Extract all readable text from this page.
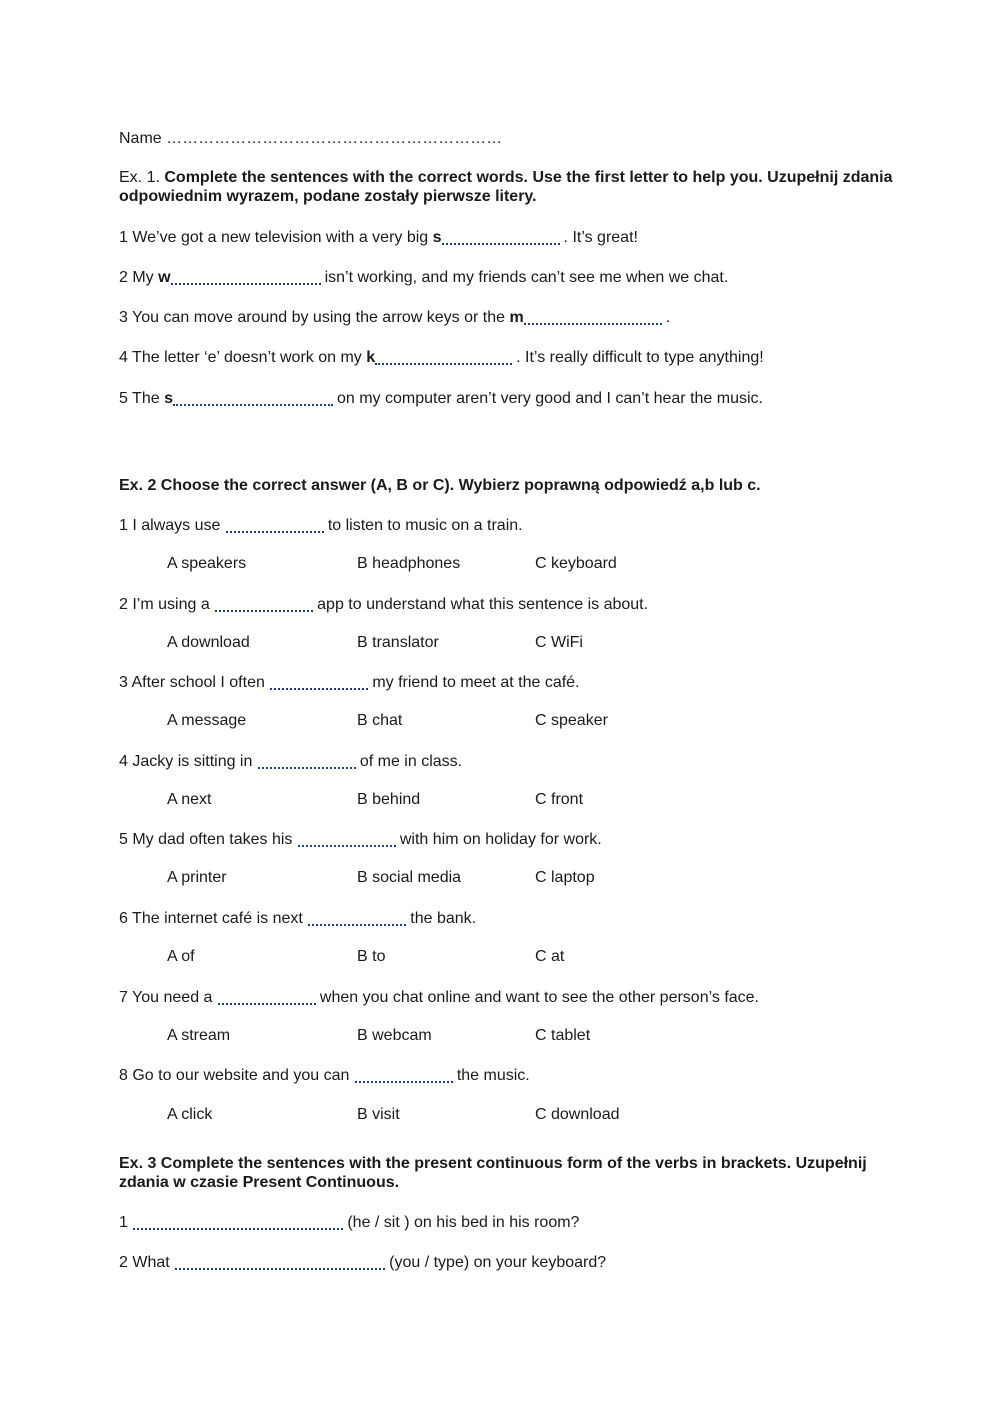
Name ………………………………………………………
Ex. 1. Complete the sentences with the correct words. Use the first letter to help you. Uzupełnij zdania odpowiednim wyrazem, podane zostały pierwsze litery.
1 We’ve got a new television with a very big s	. It’s great!
2 My w	isn’t working, and my friends can’t see me when we chat.
3 You can move around by using the arrow keys or the m	.
4 The letter ‘e’ doesn’t work on my k	. It’s really difficult to type anything!
5 The s	on my computer aren’t very good and I can’t hear the music.
Ex. 2 Choose the correct answer (A, B or C). Wybierz poprawną odpowiedź a,b lub c.
1 I always use	to listen to music on a train.
A speakers	B headphones	C keyboard
2 I’m using a	app to understand what this sentence is about.
A download	B translator	C WiFi
3 After school I often	my friend to meet at the café.
A message	B chat	C speaker
4 Jacky is sitting in	of me in class.
A next	B behind	C front
5 My dad often takes his	with him on holiday for work.
A printer	B social media	C laptop
6 The internet café is next	the bank.
A of	B to	C at
7 You need a	when you chat online and want to see the other person’s face.
A stream	B webcam	C tablet
8 Go to our website and you can	the music.
A click	B visit	C download
Ex. 3 Complete the sentences with the present continuous form of the verbs in brackets. Uzupełnij zdania w czasie Present Continuous.
1	(he / sit ) on his bed in his room?
2 What	(you / type) on your keyboard?
